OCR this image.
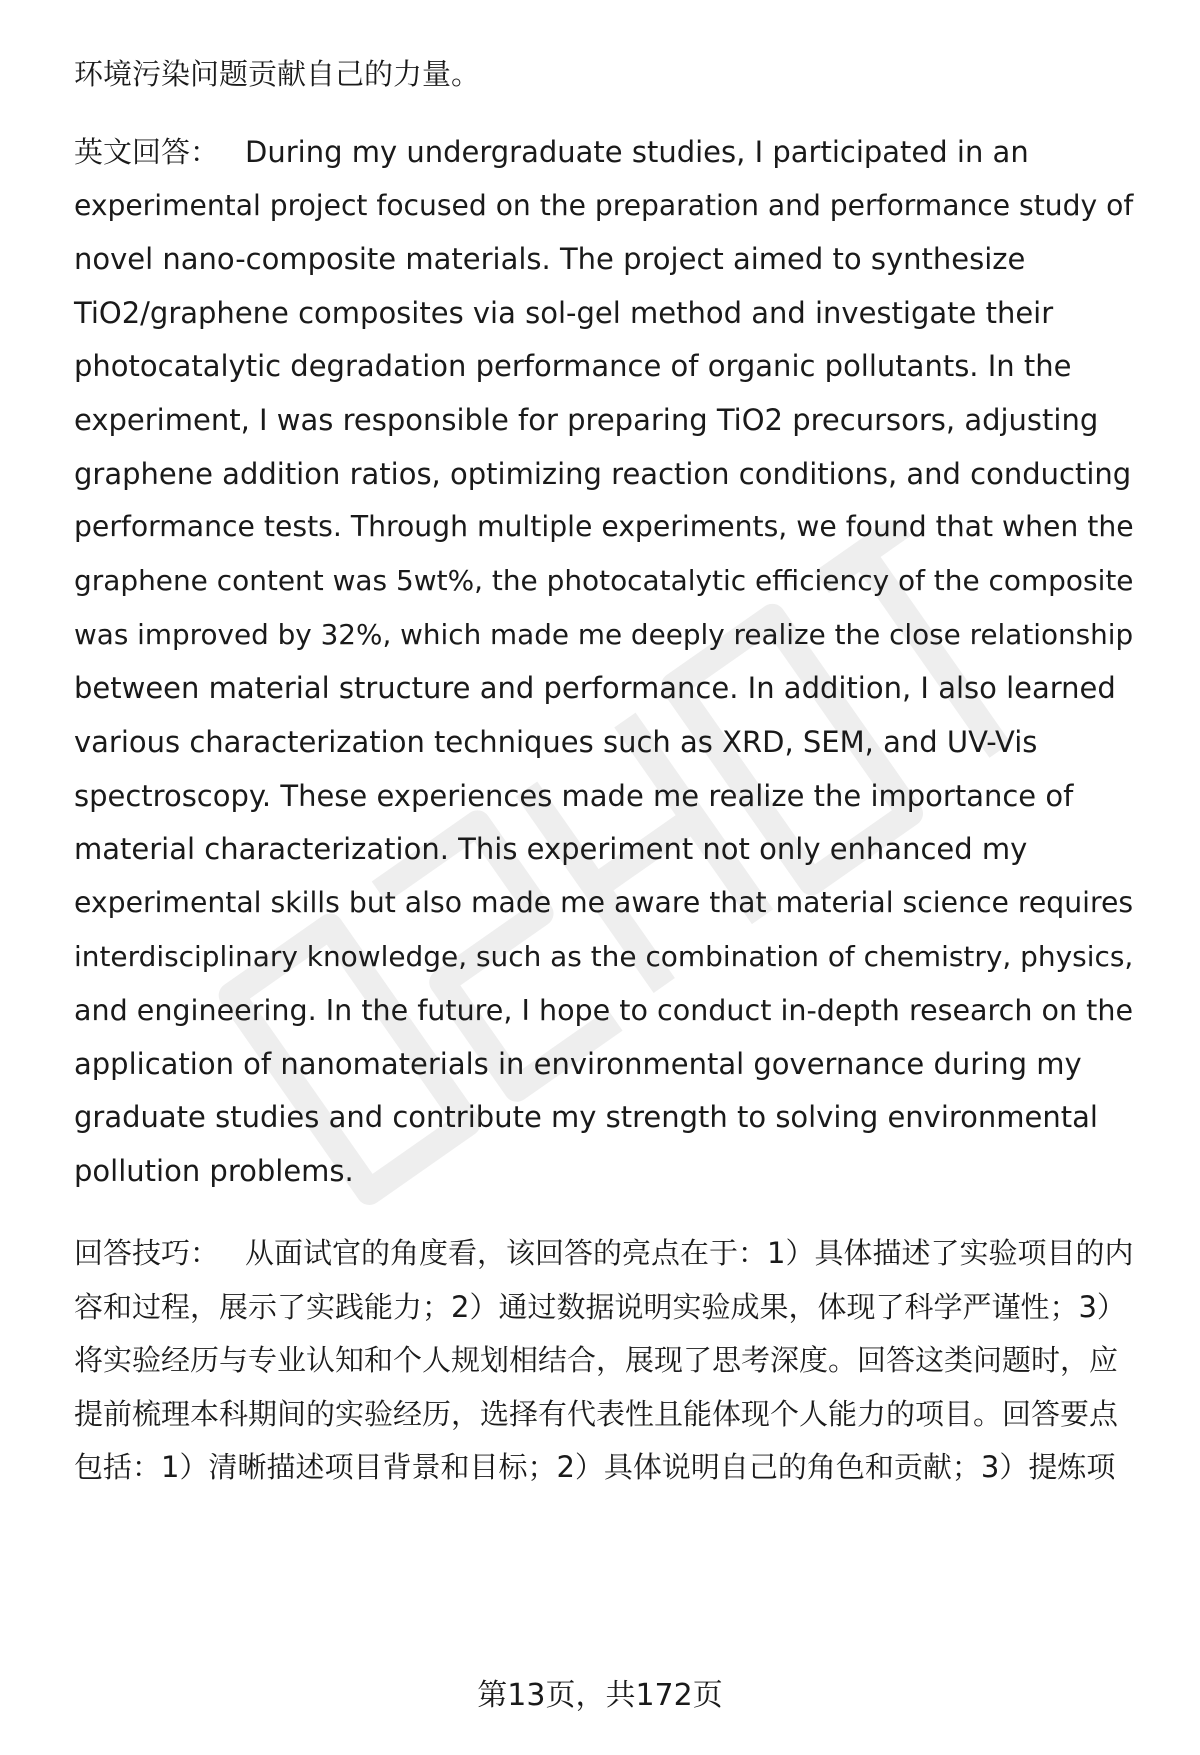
环境污染问题贡献自己的力量。
英文回答： During my undergraduate studies, I participated in an
experimental project focused on the preparation and performance study of
novel nano-composite materials. The project aimed to synthesize
TiO2/graphene composites via sol-gel method and investigate their
photocatalytic degradation performance of organic pollutants. In the
experiment, I was responsible for preparing TiO2 precursors, adjusting
graphene addition ratios, optimizing reaction conditions, and conducting
performance tests. Through multiple experiments, we found that when the
graphene content was 5wt%, the photocatalytic efficiency of the composite
was improved by 32%, which made me deeply realize the close relationship
between material structure and performance. In addition, I also learned
various characterization techniques such as XRD, SEM, and UV-Vis
spectroscopy. These experiences made me realize the importance of
material characterization. This experiment not only enhanced my
experimental skills but also made me aware that material science requires
interdisciplinary knowledge, such as the combination of chemistry, physics,
and engineering. In the future, I hope to conduct in-depth research on the
application of nanomaterials in environmental governance during my
graduate studies and contribute my strength to solving environmental
pollution problems.
回答技巧： 从面试官的角度看，该回答的亮点在于：1）具体描述了实验项目的内
容和过程，展示了实践能力；2）通过数据说明实验成果，体现了科学严谨性；3）
将实验经历与专业认知和个人规划相结合，展现了思考深度。回答这类问题时，应
提前梳理本科期间的实验经历，选择有代表性且能体现个人能力的项目。回答要点
包括：1）清晰描述项目背景和目标；2）具体说明自己的角色和贡献；3）提炼项
第13页，共172页
